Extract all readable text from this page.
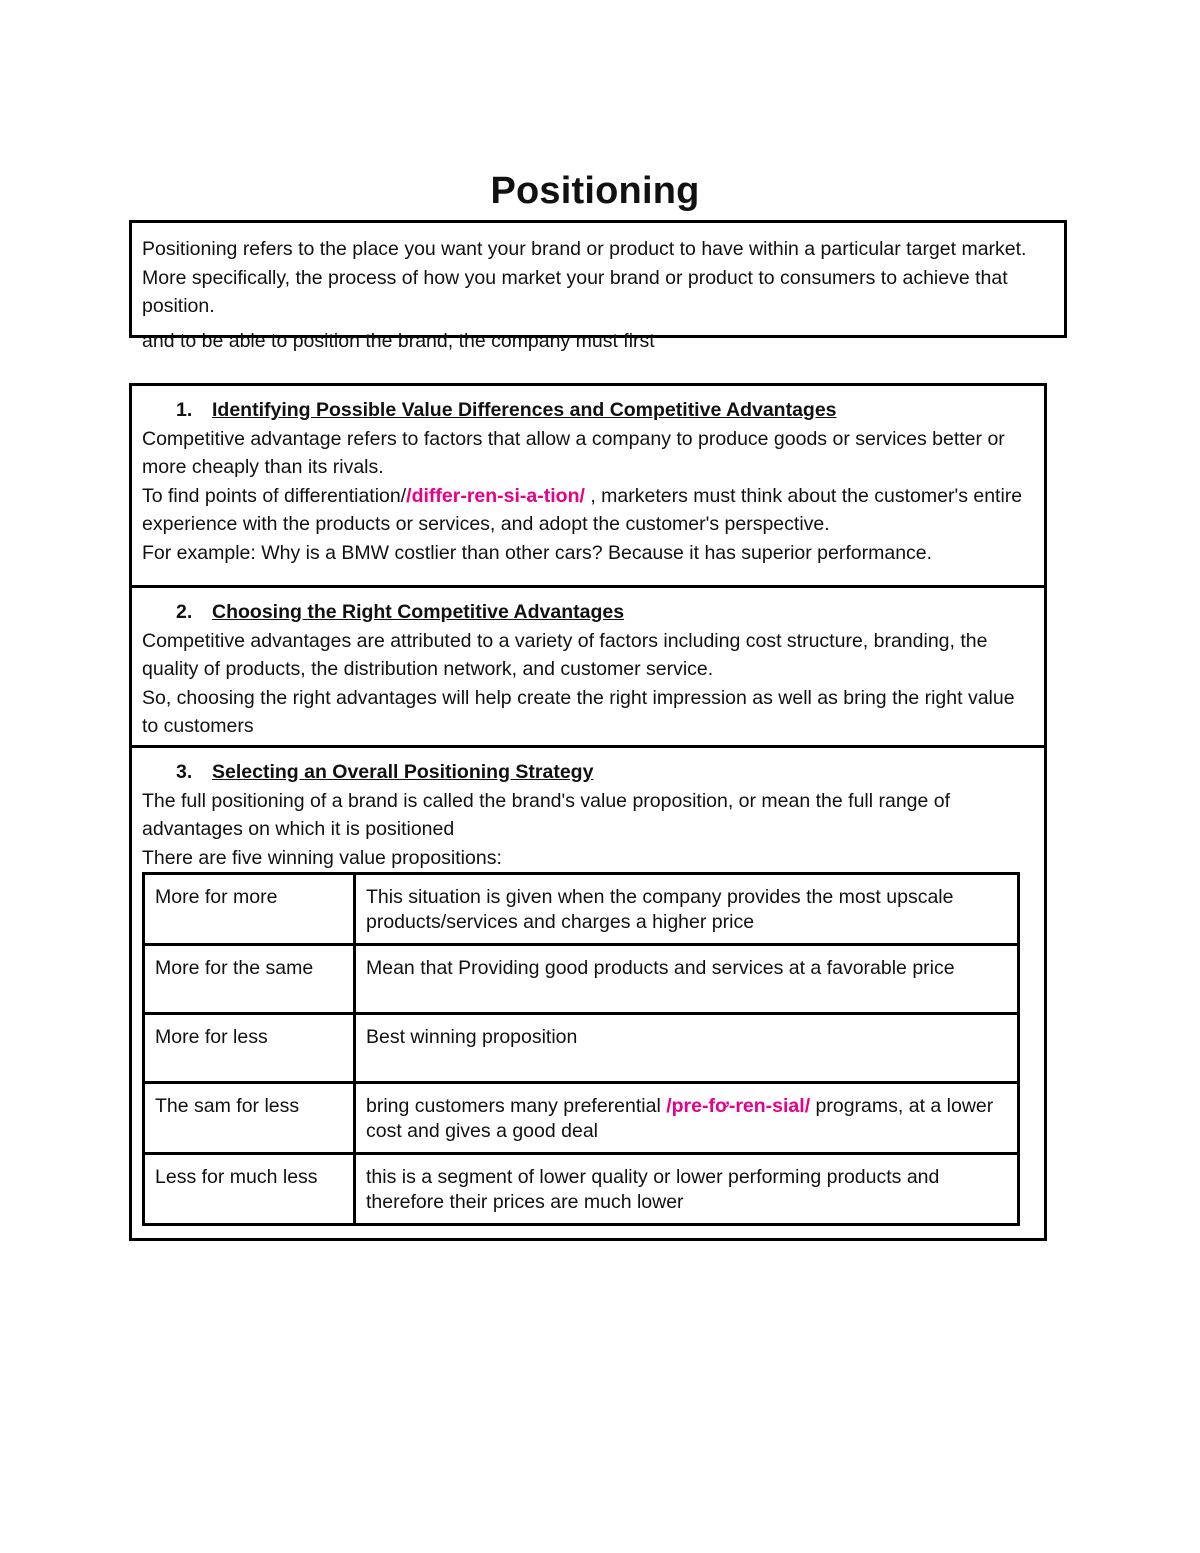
Positioning
Positioning refers to the place you want your brand or product to have within a particular target market. More specifically, the process of how you market your brand or product to consumers to achieve that position.
and to be able to position the brand, the company must first
1. Identifying Possible Value Differences and Competitive Advantages
Competitive advantage refers to factors that allow a company to produce goods or services better or more cheaply than its rivals.
To find points of differentiation//differ-ren-si-a-tion/ , marketers must think about the customer's entire experience with the products or services, and adopt the customer's perspective.
For example: Why is a BMW costlier than other cars? Because it has superior performance.
2. Choosing the Right Competitive Advantages
Competitive advantages are attributed to a variety of factors including cost structure, branding, the quality of products, the distribution network, and customer service.
So, choosing the right advantages will help create the right impression as well as bring the right value to customers
3. Selecting an Overall Positioning Strategy
The full positioning of a brand is called the brand's value proposition, or mean the full range of advantages on which it is positioned
There are five winning value propositions:
More for more	This situation is given when the company provides the most upscale products/services and charges a higher price
More for the same	Mean that Providing good products and services at a favorable price
More for less	Best winning proposition
The sam for less	bring customers many preferential /pre-fơ-ren-sial/ programs, at a lower cost and gives a good deal
Less for much less	this is a segment of lower quality or lower performing products and therefore their prices are much lower
